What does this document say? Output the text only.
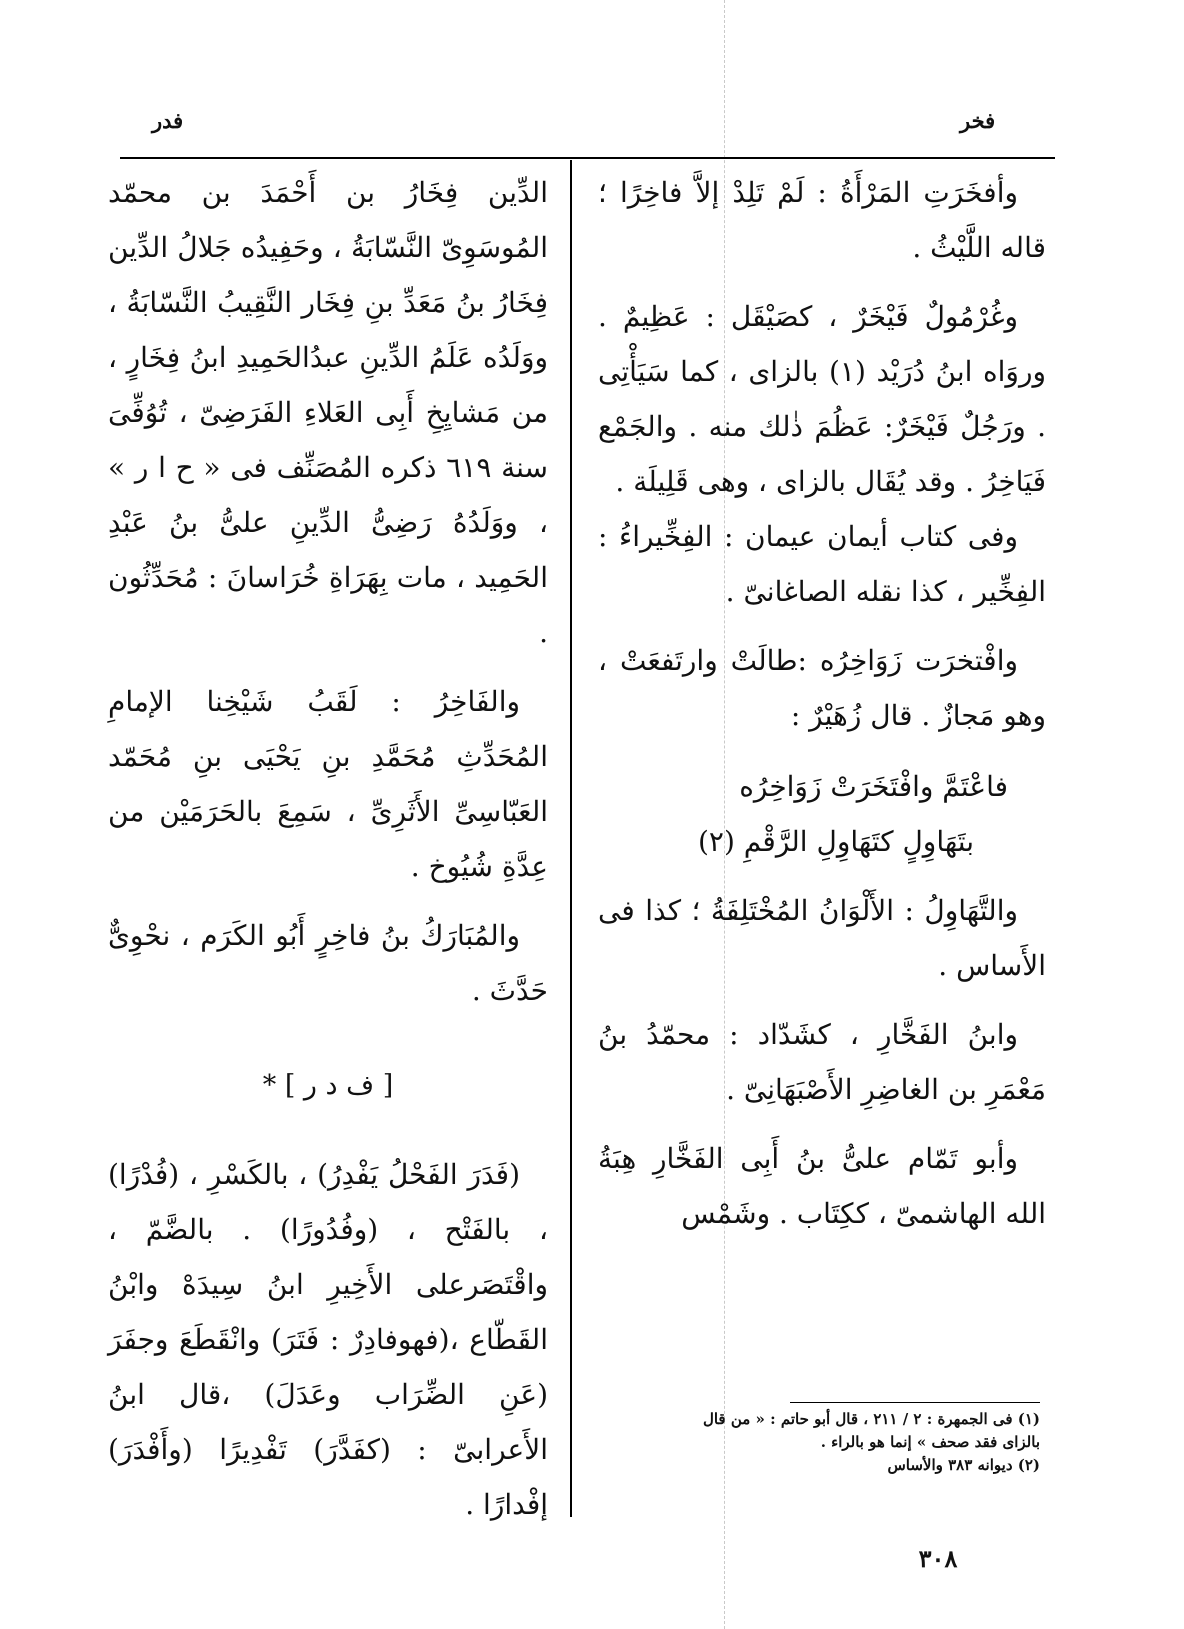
فدر	فخر

وأفخَرَتِ المَرْأَةُ : لَمْ تَلِدْ إلاَّ فاخِرًا ؛ قاله اللَّيْثُ .

وغُرْمُولٌ فَيْخَرٌ ، كصَيْقَل : عَظِيمٌ . وروَاه ابنُ دُرَيْد (١) بالزاى ، كما سَيَأْتِى . ورَجُلٌ فَيْخَرٌ: عَظُمَ ذٰلك منه . والجَمْع فَيَاخِرُ . وقد يُقَال بالزاى ، وهى قَلِيلَة .

وفى كتاب أيمان عيمان : الفِخِّيراءُ : الفِخِّير ، كذا نقله الصاغانىّ .

وافْتخرَت زَوَاخِرُه :طالَتْ وارتَفعَتْ ، وهو مَجازٌ . قال زُهَيْرٌ :

فاعْتَمَّ وافْتَخَرَتْ زَوَاخِرُه
بتَهَاوِلٍ كتَهَاوِلِ الرَّقْمِ (٢)

والتَّهَاوِلُ : الأَلْوَانُ المُخْتَلِفَةُ ؛ كذا فى الأَساس .

وابنُ الفَخَّارِ ، كشَدّاد : محمّدُ بنُ مَعْمَرِ بن الغاضِرِ الأَصْبَهَانِىّ .

وأبو تَمّام علىُّ بنُ أَبِى الفَخَّارِ هِبَةُ الله الهاشمىّ ، ككِتَاب . وشَمْس

الدِّين فِخَارُ بن أَحْمَدَ بن محمّد المُوسَوِىّ النَّسّابَةُ ، وحَفِيدُه جَلالُ الدِّين فِخَارُ بنُ مَعَدِّ بنِ فِخَار النَّقِيبُ النَّسّابَةُ ، ووَلَدُه عَلَمُ الدِّينِ عبدُالحَمِيدِ ابنُ فِخَارٍ ، من مَشايِخِ أَبِى العَلاءِ الفَرَضِىّ ، تُوُفِّىَ سنة ٦١٩ ذكره المُصَنِّف فى « ح ا ر » ، ووَلَدُهُ رَضِىُّ الدِّينِ علىُّ بنُ عَبْدِ الحَمِيد ، مات بِهَرَاةِ خُرَاسانَ : مُحَدِّثُون .

والفَاخِرُ : لَقَبُ شَيْخِنا الإمامِ المُحَدِّثِ مُحَمَّدِ بنِ يَحْيَى بنِ مُحَمّد العَبّاسِىِّ الأَثَرِىِّ ، سَمِعَ بالحَرَمَيْن من عِدَّةِ شُيُوخ .

والمُبَارَكُ بنُ فاخِرٍ أَبُو الكَرَم ، نحْوِىٌّ حَدَّثَ .

[ ف د ر ] *

(فَدَرَ الفَحْلُ يَفْدِرُ) ، بالكَسْرِ ، (فُدْرًا) ، بالفَتْح ، (وفُدُورًا) . بالضَّمّ ، واقْتَصَرعلى الأَخِيرِ ابنُ سِيدَهْ وابْنُ القَطّاع ،(فهوفادِرٌ : فَتَرَ) وانْقَطَعَ وجفَرَ (عَنِ الضِّرَاب وعَدَلَ) ،قال ابنُ الأَعرابىّ : (كفَدَّرَ) تَفْدِيرًا (وأَفْدَرَ) إفْدارًا .

(١) فى الجمهرة : ٢ / ٢١١ ، قال أبو حاتم : « من قال

بالزاى فقد صحف » إنما هو بالراء .

(٢) ديوانه ٣٨٣ والأساس

٣٠٨
